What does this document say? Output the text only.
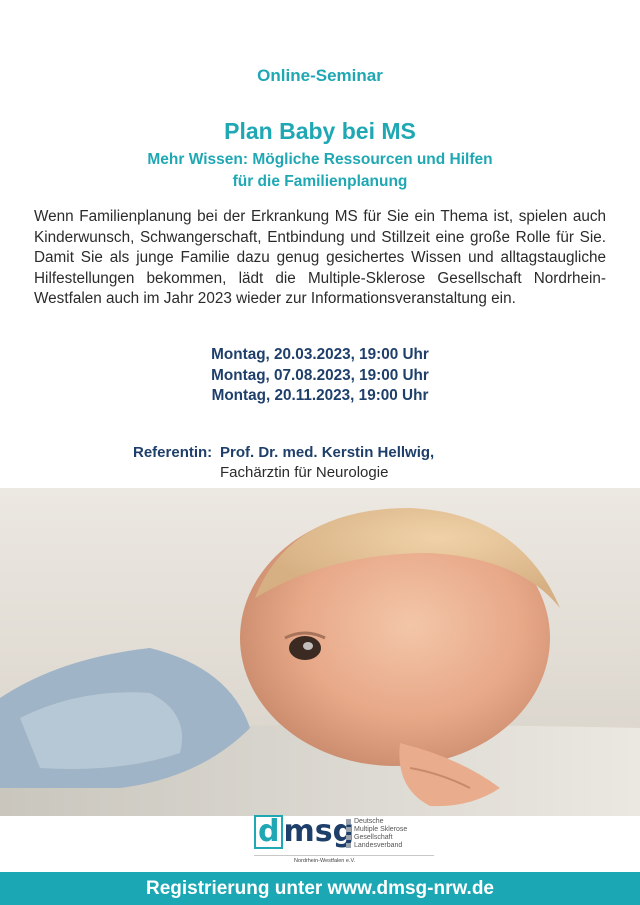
Online-Seminar
Plan Baby bei MS
Mehr Wissen: Mögliche Ressourcen und Hilfen
für die Familienplanung

Wenn Familienplanung bei der Erkrankung MS für Sie ein Thema ist, spielen auch Kinderwunsch, Schwangerschaft, Entbindung und Stillzeit eine große Rolle für Sie. Damit Sie als junge Familie dazu genug gesichertes Wissen und alltagstaugliche Hilfestellungen bekommen, lädt die Multiple-Sklerose Gesellschaft Nordrhein-Westfalen auch im Jahr 2023 wieder zur Informationsveranstaltung ein.

Montag, 20.03.2023, 19:00 Uhr
Montag, 07.08.2023, 19:00 Uhr
Montag, 20.11.2023, 19:00 Uhr
Referentin: Prof. Dr. med. Kerstin Hellwig,
Fachärztin für Neurologie
d msg Deutsche
Multiple Sklerose
Gesellschaft
Landesverband
Nordrhein-Westfalen e.V.
Registrierung unter www.dmsg-nrw.de
